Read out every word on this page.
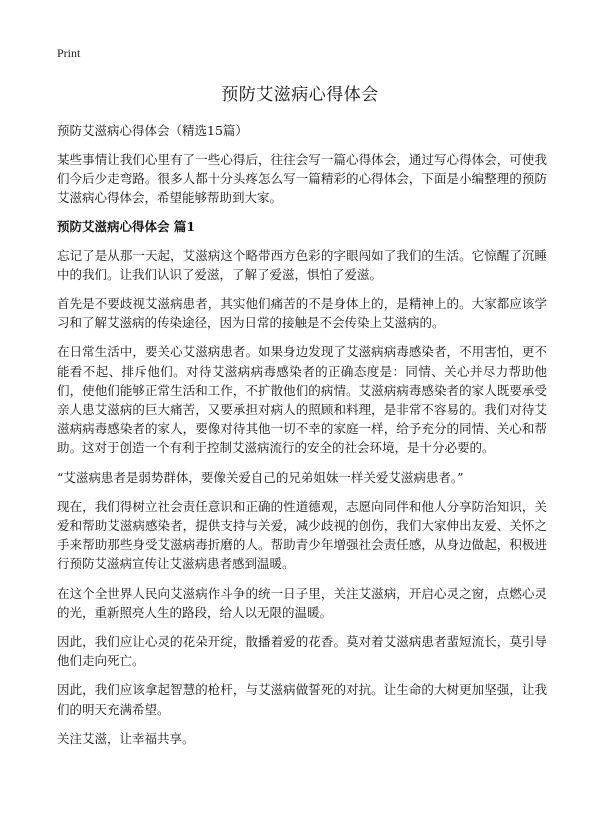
Print
预防艾滋病心得体会
预防艾滋病心得体会（精选15篇）

某些事情让我们心里有了一些心得后，往往会写一篇心得体会，通过写心得体会，可使我们今后少走弯路。很多人都十分头疼怎么写一篇精彩的心得体会，下面是小编整理的预防艾滋病心得体会，希望能够帮助到大家。

预防艾滋病心得体会 篇1

忘记了是从那一天起，艾滋病这个略带西方色彩的字眼闯如了我们的生活。它惊醒了沉睡中的我们。让我们认识了爱滋，了解了爱滋，惧怕了爱滋。

首先是不要歧视艾滋病患者，其实他们痛苦的不是身体上的，是精神上的。大家都应该学习和了解艾滋病的传染途径，因为日常的接触是不会传染上艾滋病的。

在日常生活中，要关心艾滋病患者。如果身边发现了艾滋病病毒感染者，不用害怕，更不能看不起、排斥他们。对待艾滋病病毒感染者的正确态度是：同情、关心并尽力帮助他们，使他们能够正常生活和工作，不扩散他们的病情。艾滋病病毒感染者的家人既要承受亲人患艾滋病的巨大痛苦，又要承担对病人的照顾和料理，是非常不容易的。我们对待艾滋病病毒感染者的家人，要像对待其他一切不幸的家庭一样，给予充分的同情、关心和帮助。这对于创造一个有利于控制艾滋病流行的安全的社会环境，是十分必要的。

“艾滋病患者是弱势群体，要像关爱自己的兄弟姐妹一样关爱艾滋病患者。”

现在，我们得树立社会责任意识和正确的性道德观，志愿向同伴和他人分享防治知识，关爱和帮助艾滋病感染者，提供支持与关爱，减少歧视的创伤，我们大家伸出友爱、关怀之手来帮助那些身受艾滋病毒折磨的人。帮助青少年增强社会责任感，从身边做起，积极进行预防艾滋病宣传让艾滋病患者感到温暖。

在这个全世界人民向艾滋病作斗争的统一日子里，关注艾滋病，开启心灵之窗，点燃心灵的光，重新照亮人生的路段，给人以无限的温暖。

因此，我们应让心灵的花朵开绽，散播着爱的花香。莫对着艾滋病患者蜚短流长，莫引导他们走向死亡。

因此，我们应该拿起智慧的枪杆，与艾滋病做誓死的对抗。让生命的大树更加坚强，让我们的明天充满希望。

关注艾滋，让幸福共享。
